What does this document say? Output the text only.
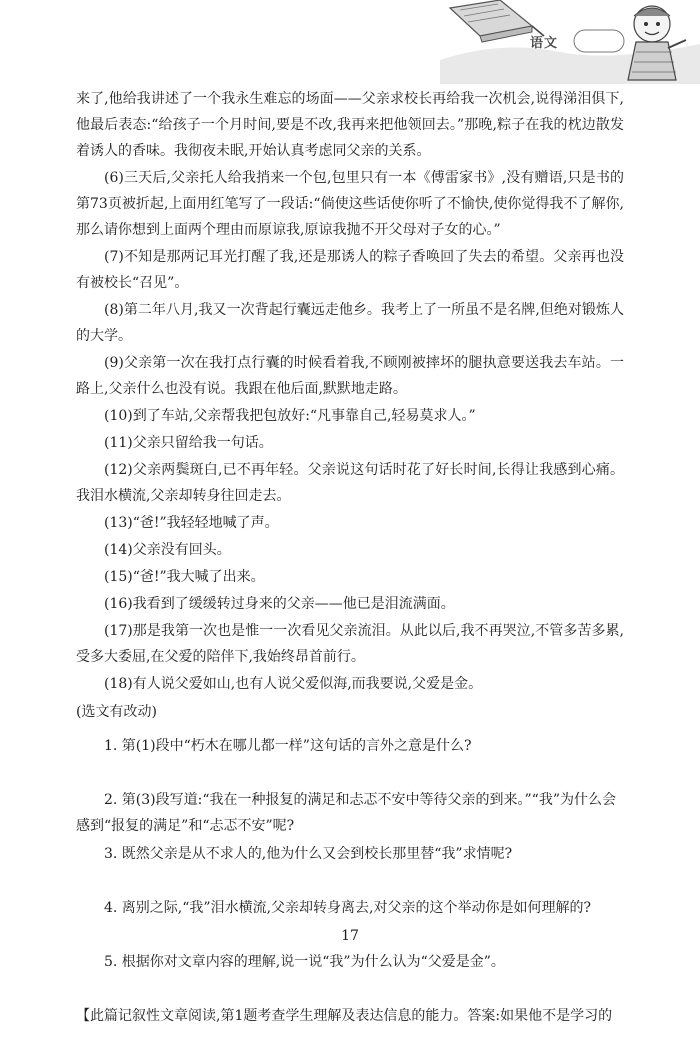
语文

来了,他给我讲述了一个我永生难忘的场面——父亲求校长再给我一次机会,说得涕泪俱下,他最后表态:“给孩子一个月时间,要是不改,我再来把他领回去。”那晚,粽子在我的枕边散发着诱人的香味。我彻夜未眠,开始认真考虑同父亲的关系。

(6)三天后,父亲托人给我捎来一个包,包里只有一本《傅雷家书》,没有赠语,只是书的第73页被折起,上面用红笔写了一段话:“倘使这些话使你听了不愉快,使你觉得我不了解你,那么请你想到上面两个理由而原谅我,原谅我抛不开父母对子女的心。”

(7)不知是那两记耳光打醒了我,还是那诱人的粽子香唤回了失去的希望。父亲再也没有被校长“召见”。

(8)第二年八月,我又一次背起行囊远走他乡。我考上了一所虽不是名牌,但绝对锻炼人的大学。

(9)父亲第一次在我打点行囊的时候看着我,不顾刚被摔坏的腿执意要送我去车站。一路上,父亲什么也没有说。我跟在他后面,默默地走路。

(10)到了车站,父亲帮我把包放好:“凡事靠自己,轻易莫求人。”

(11)父亲只留给我一句话。

(12)父亲两鬓斑白,已不再年轻。父亲说这句话时花了好长时间,长得让我感到心痛。我泪水横流,父亲却转身往回走去。

(13)“爸!”我轻轻地喊了声。

(14)父亲没有回头。

(15)“爸!”我大喊了出来。

(16)我看到了缓缓转过身来的父亲——他已是泪流满面。

(17)那是我第一次也是惟一一次看见父亲流泪。从此以后,我不再哭泣,不管多苦多累,受多大委屈,在父爱的陪伴下,我始终昂首前行。

(18)有人说父爱如山,也有人说父爱似海,而我要说,父爱是金。

(选文有改动)

1. 第(1)段中“朽木在哪儿都一样”这句话的言外之意是什么?

2. 第(3)段写道:“我在一种报复的满足和忐忑不安中等待父亲的到来。”“我”为什么会感到“报复的满足”和“忐忑不安”呢?

3. 既然父亲是从不求人的,他为什么又会到校长那里替“我”求情呢?

4. 离别之际,“我”泪水横流,父亲却转身离去,对父亲的这个举动你是如何理解的?

5. 根据你对文章内容的理解,说一说“我”为什么认为“父爱是金”。

【此篇记叙性文章阅读,第1题考查学生理解及表达信息的能力。答案:如果他不是学习的

17
